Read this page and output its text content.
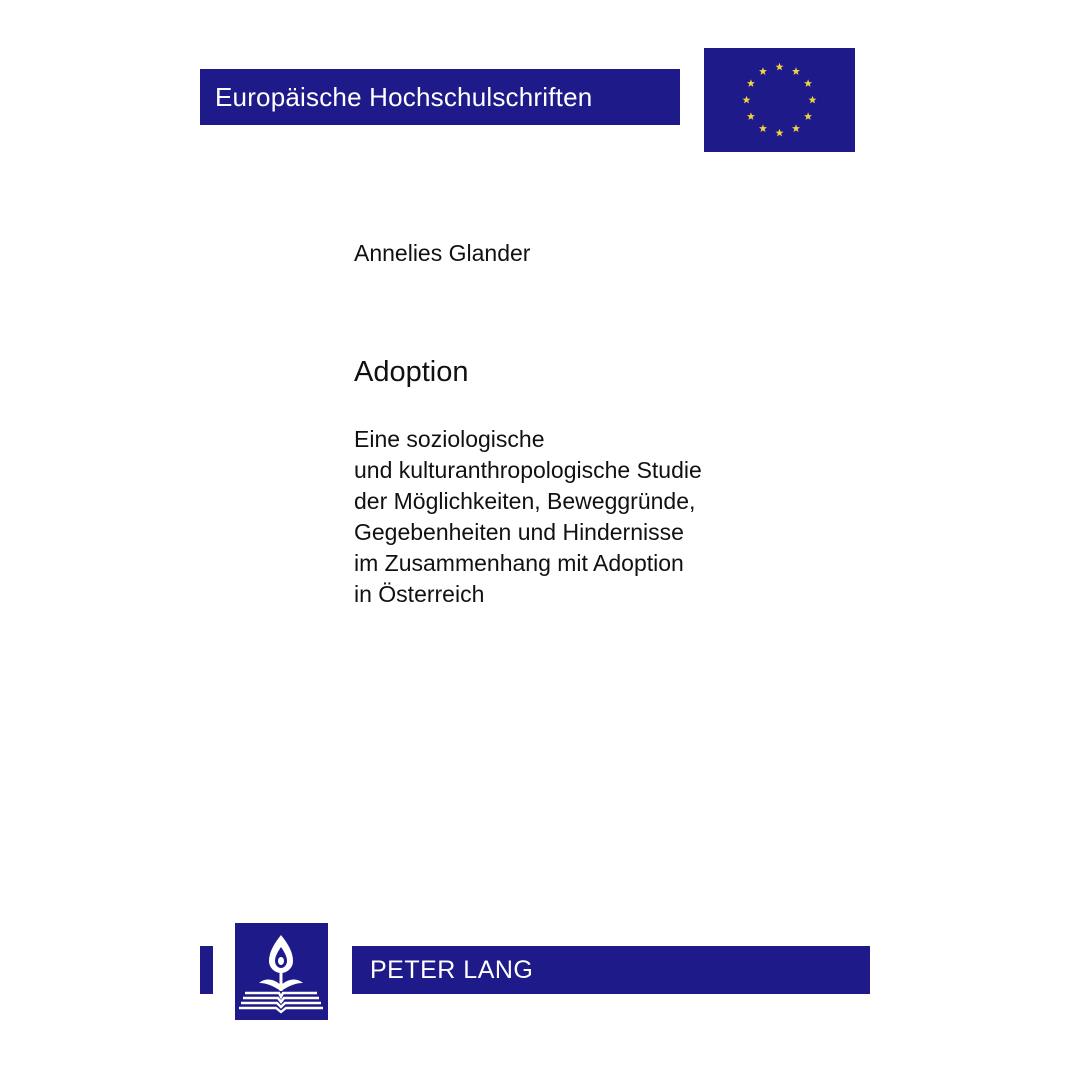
Europäische Hochschulschriften
Annelies Glander
Adoption
Eine soziologische
und kulturanthropologische Studie
der Möglichkeiten, Beweggründe,
Gegebenheiten und Hindernisse
im Zusammenhang mit Adoption
in Österreich
PETER LANG
